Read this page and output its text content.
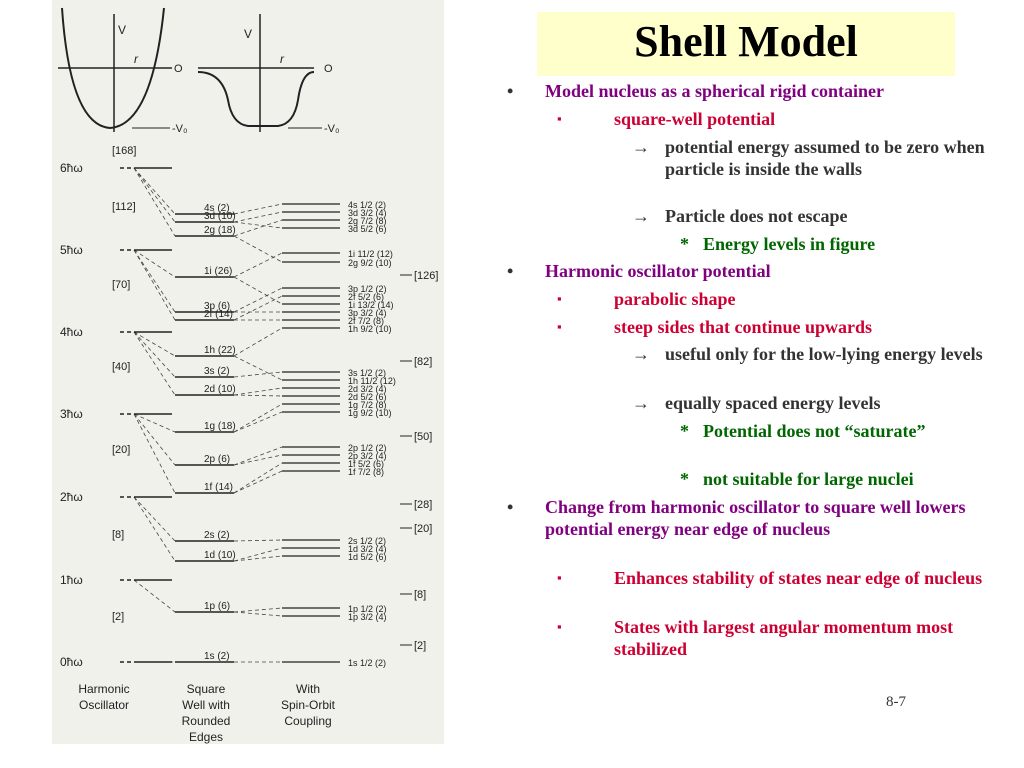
V
r
O
-V₀
V
r
O
-V₀
6ħω
[168]
5ħω
[112]
4ħω
[70]
3ħω
[40]
2ħω
[20]
1ħω
[8]
0ħω
[2]
4s (2)
3d (10)
2g (18)
1i (26)
3p (6)
2f (14)
1h (22)
3s (2)
2d (10)
1g (18)
2p (6)
1f (14)
2s (2)
1d (10)
1p (6)
1s (2)
4s 1/2 (2)
3d 3/2 (4)
2g 7/2 (8)
3d 5/2 (6)
1i 11/2 (12)
2g 9/2 (10)
3p 1/2 (2)
2f 5/2 (6)
1i 13/2 (14)
3p 3/2 (4)
2f 7/2 (8)
1h 9/2 (10)
3s 1/2 (2)
1h 11/2 (12)
2d 3/2 (4)
2d 5/2 (6)
1g 7/2 (8)
1g 9/2 (10)
2p 1/2 (2)
2p 3/2 (4)
1f 5/2 (6)
1f 7/2 (8)
2s 1/2 (2)
1d 3/2 (4)
1d 5/2 (6)
1p 1/2 (2)
1p 3/2 (4)
1s 1/2 (2)
[126]
[82]
[50]
[28]
[20]
[8]
[2]
Harmonic
Oscillator
Square
Well with
Rounded
Edges
With
Spin-Orbit
Coupling
Shell Model
• Model nucleus as a spherical rigid container
▪	square-well potential
→ potential energy assumed to be zero when particle is inside the walls
→ Particle does not escape
* Energy levels in figure
• Harmonic oscillator potential
▪	parabolic shape
▪	steep sides that continue upwards
→ useful only for the low-lying energy levels
→ equally spaced energy levels
* Potential does not “saturate”
* not suitable for large nuclei
• Change from harmonic oscillator to square well lowers potential energy near edge of nucleus
▪	Enhances stability of states near edge of nucleus
▪	States with largest angular momentum most stabilized
8-7
